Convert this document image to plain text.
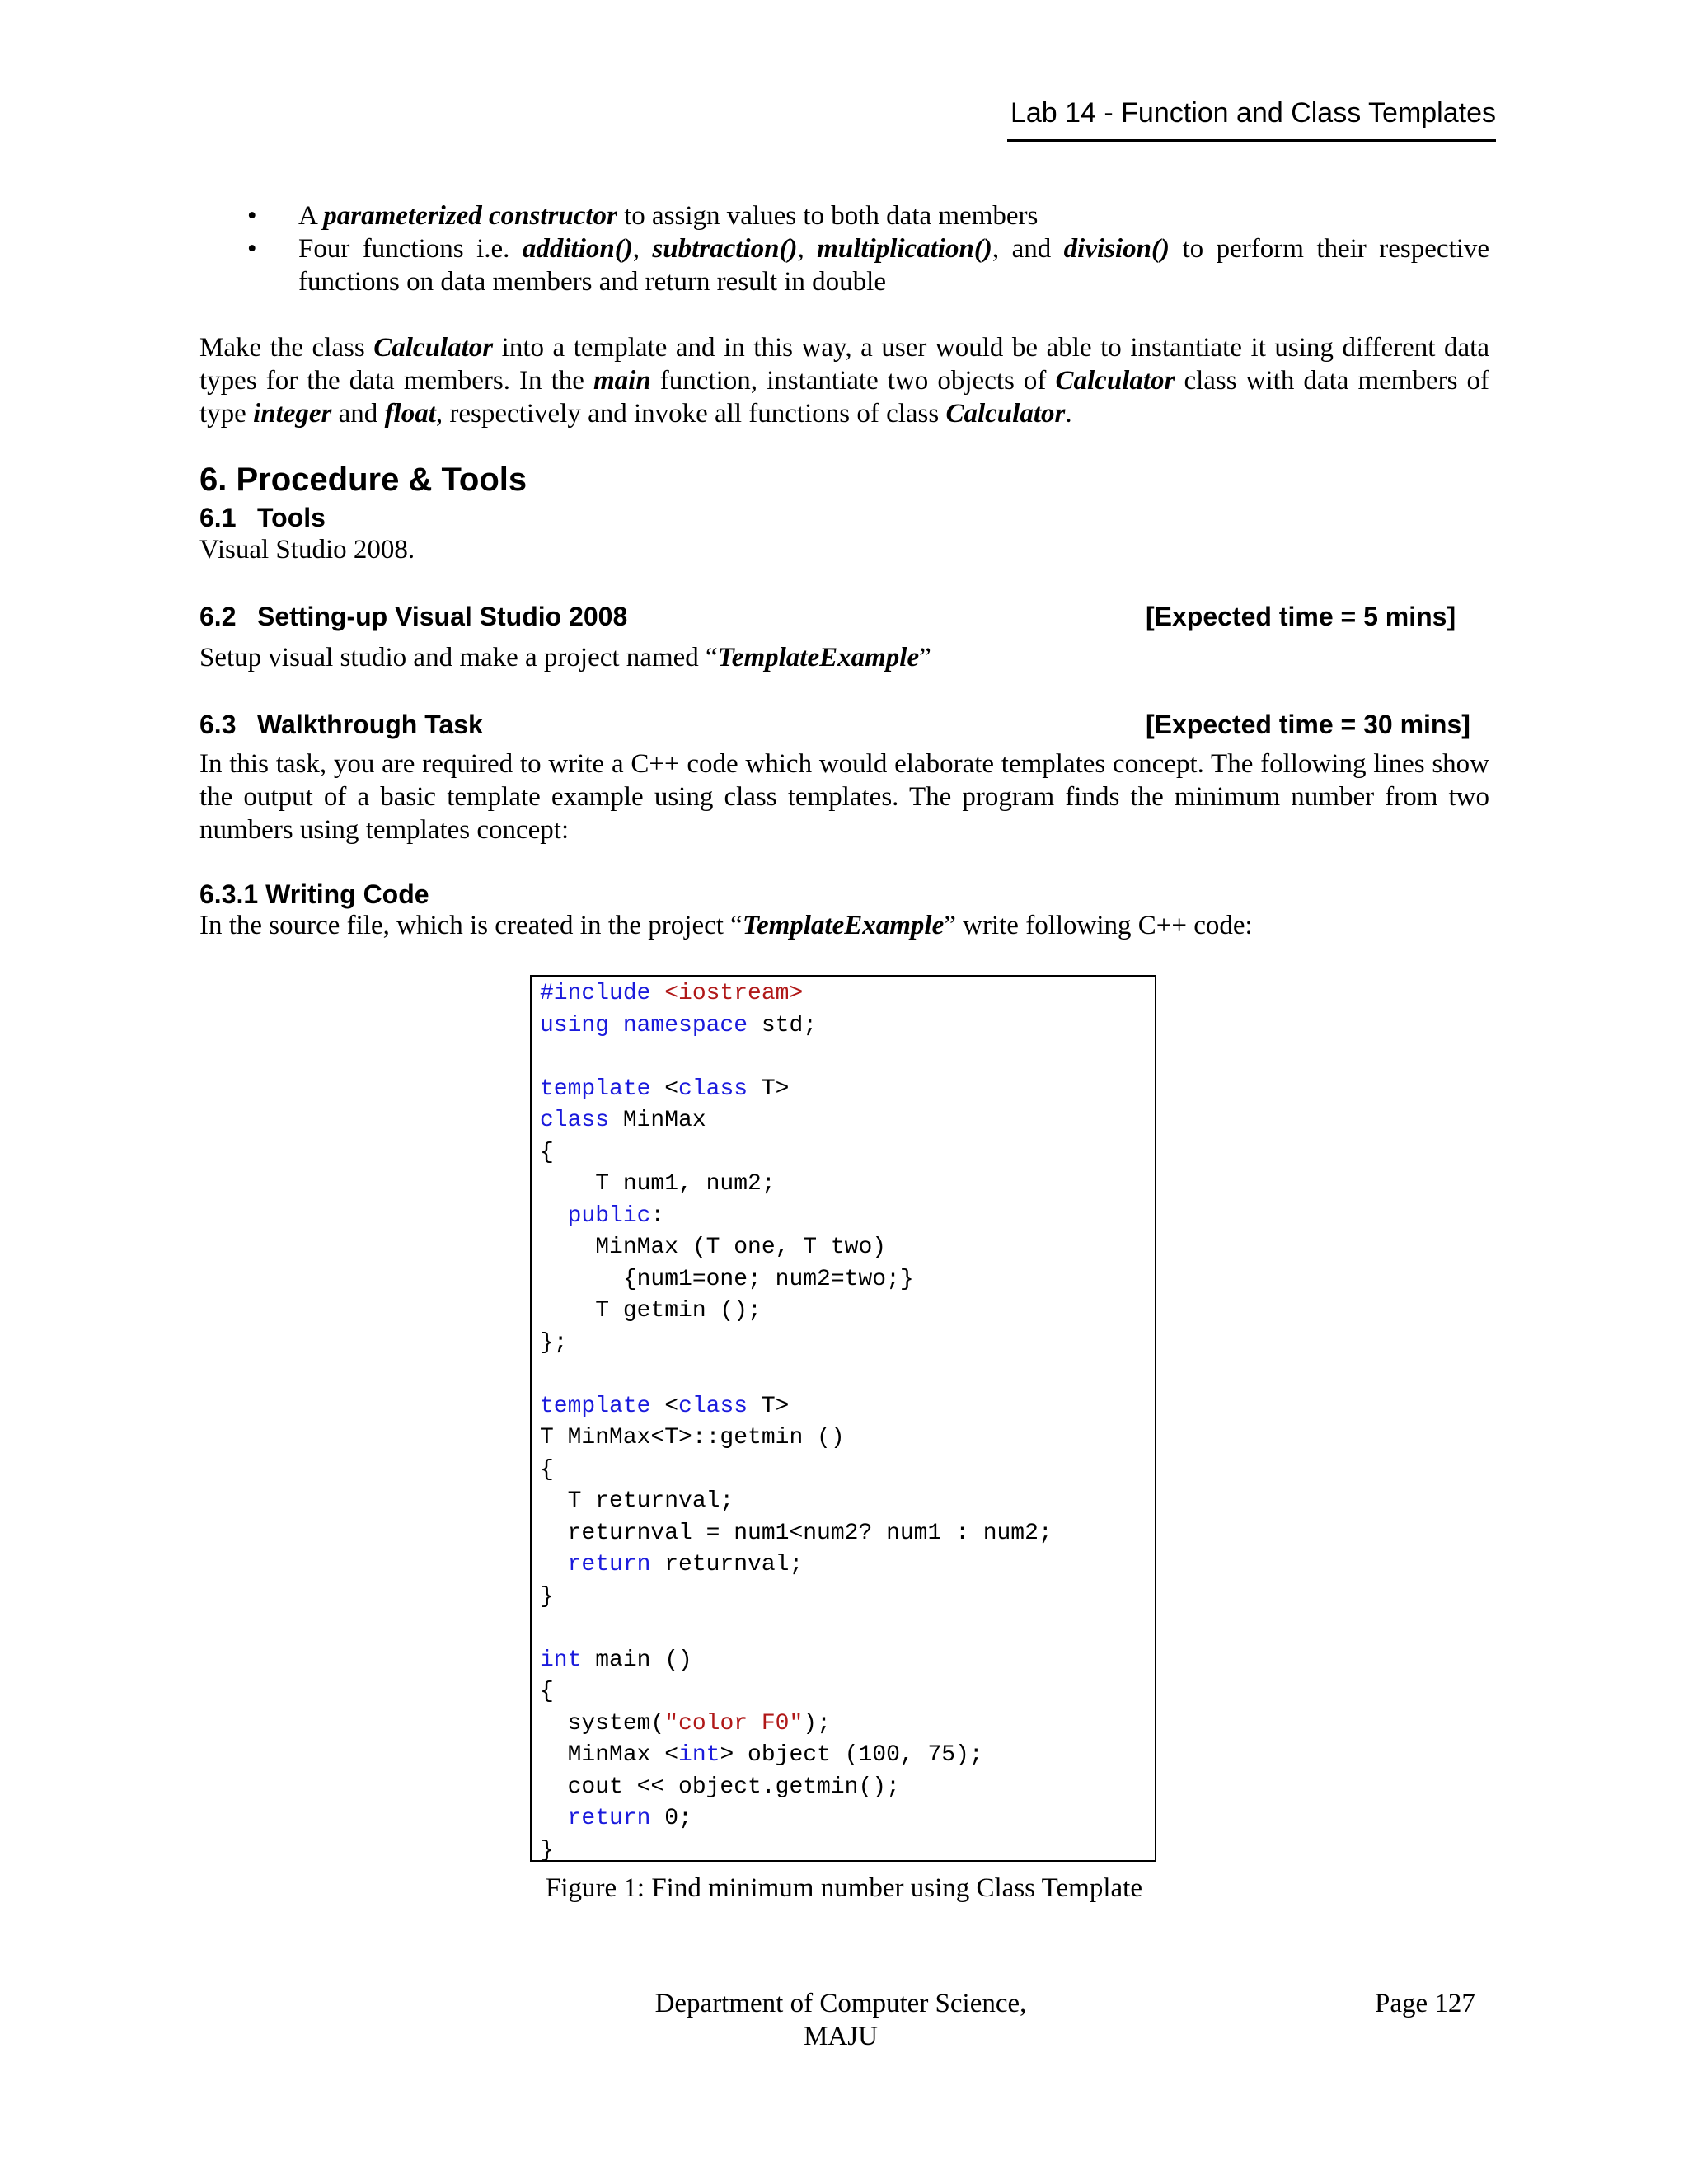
Lab 14 - Function and Class Templates
• A parameterized constructor to assign values to both data members
• Four functions i.e. addition(), subtraction(), multiplication(), and division() to perform their respective functions on data members and return result in double
Make the class Calculator into a template and in this way, a user would be able to instantiate it using different data types for the data members. In the main function, instantiate two objects of Calculator class with data members of type integer and float, respectively and invoke all functions of class Calculator.
6. Procedure & Tools
6.1 Tools
Visual Studio 2008.
6.2 Setting-up Visual Studio 2008	[Expected time = 5 mins]
Setup visual studio and make a project named “TemplateExample”
6.3 Walkthrough Task	[Expected time = 30 mins]
In this task, you are required to write a C++ code which would elaborate templates concept. The following lines show the output of a basic template example using class templates. The program finds the minimum number from two numbers using templates concept:
6.3.1 Writing Code
In the source file, which is created in the project “TemplateExample” write following C++ code:
#include <iostream>
using namespace std;

template <class T>
class MinMax
{
T num1, num2;
public:
MinMax (T one, T two)
{num1=one; num2=two;}
T getmin ();
};

template <class T>
T MinMax<T>::getmin ()
{
T returnval;
returnval = num1<num2? num1 : num2;
return returnval;
}

int main ()
{
system("color F0");
MinMax <int> object (100, 75);
cout << object.getmin();
return 0;
}
Figure 1: Find minimum number using Class Template
Department of Computer Science,
MAJU
Page 127
